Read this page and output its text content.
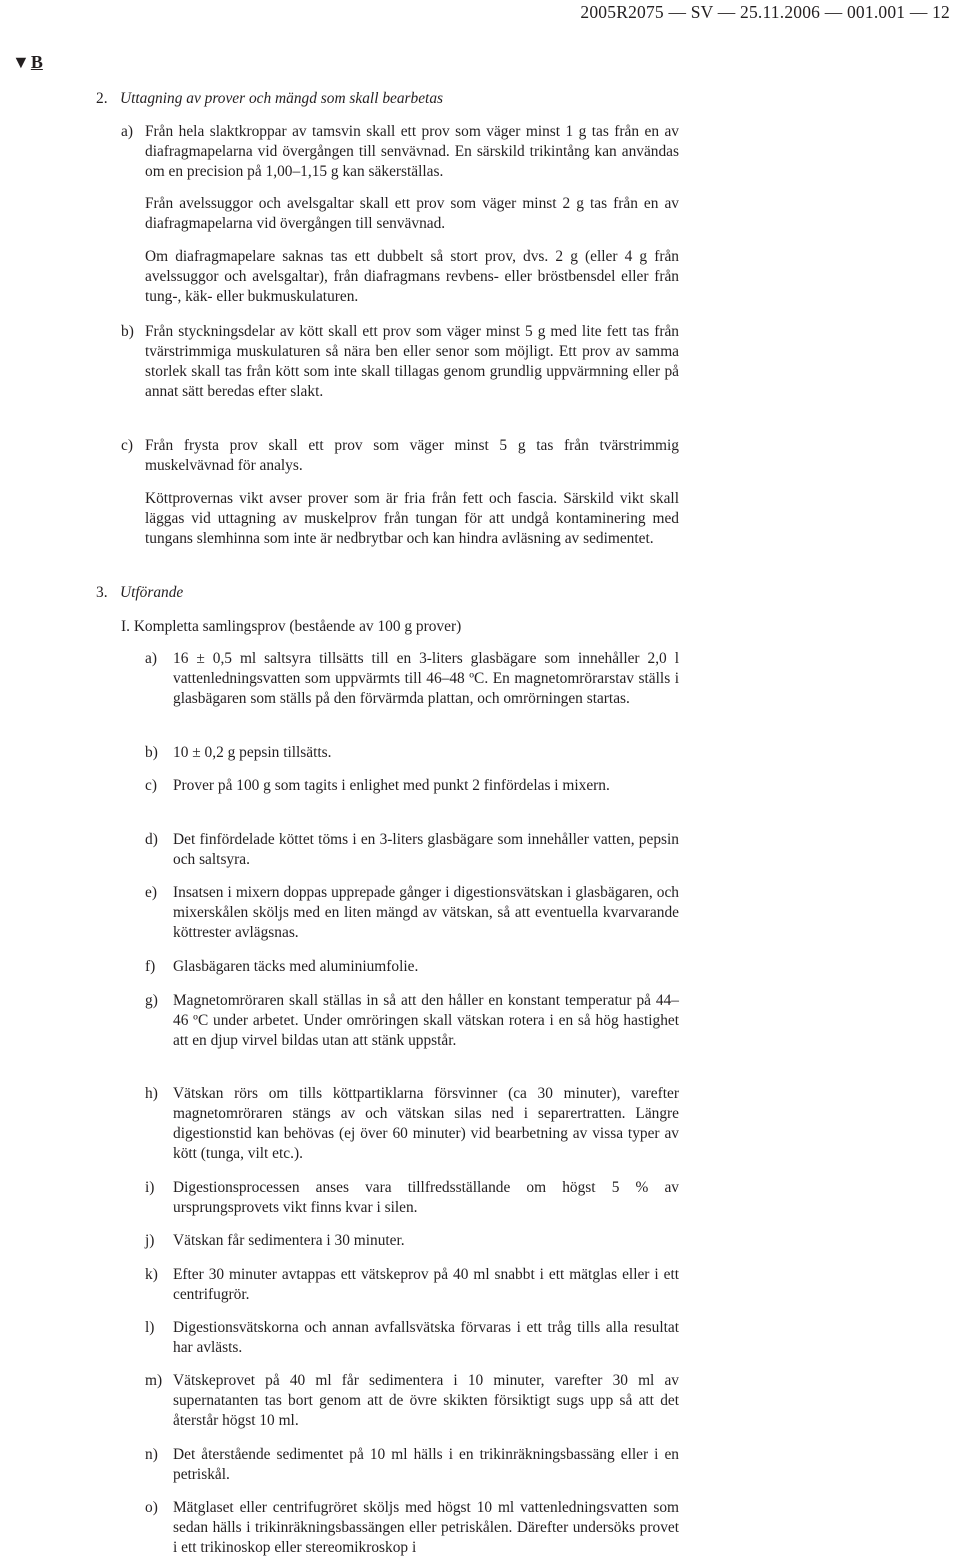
2005R2075 — SV — 25.11.2006 — 001.001 — 12
▼B
2. Uttagning av prover och mängd som skall bearbetas
a) Från hela slaktkroppar av tamsvin skall ett prov som väger minst 1 g tas från en av diafragmapelarna vid övergången till senvävnad. En särskild trikintång kan användas om en precision på 1,00–1,15 g kan säkerställas.
Från avelssuggor och avelsgaltar skall ett prov som väger minst 2 g tas från en av diafragmapelarna vid övergången till senvävnad.
Om diafragmapelare saknas tas ett dubbelt så stort prov, dvs. 2 g (eller 4 g från avelssuggor och avelsgaltar), från diafragmans revbens- eller bröstbensdel eller från tung-, käk- eller bukmuskulaturen.
b) Från styckningsdelar av kött skall ett prov som väger minst 5 g med lite fett tas från tvärstrimmiga muskulaturen så nära ben eller senor som möjligt. Ett prov av samma storlek skall tas från kött som inte skall tillagas genom grundlig uppvärmning eller på annat sätt beredas efter slakt.
c) Från frysta prov skall ett prov som väger minst 5 g tas från tvärstrimmig muskelvävnad för analys.
Köttprovernas vikt avser prover som är fria från fett och fascia. Särskild vikt skall läggas vid uttagning av muskelprov från tungan för att undgå kontaminering med tungans slemhinna som inte är nedbrytbar och kan hindra avläsning av sedimentet.
3. Utförande
I. Kompletta samlingsprov (bestående av 100 g prover)
a) 16 ± 0,5 ml saltsyra tillsätts till en 3-liters glasbägare som innehåller 2,0 l vattenledningsvatten som uppvärmts till 46–48 ºC. En magnetomrörarstav ställs i glasbägaren som ställs på den förvärmda plattan, och omrörningen startas.
b) 10 ± 0,2 g pepsin tillsätts.
c) Prover på 100 g som tagits i enlighet med punkt 2 finfördelas i mixern.
d) Det finfördelade köttet töms i en 3-liters glasbägare som innehåller vatten, pepsin och saltsyra.
e) Insatsen i mixern doppas upprepade gånger i digestionsvätskan i glasbägaren, och mixerskålen sköljs med en liten mängd av vätskan, så att eventuella kvarvarande köttrester avlägsnas.
f) Glasbägaren täcks med aluminiumfolie.
g) Magnetomröraren skall ställas in så att den håller en konstant temperatur på 44–46 ºC under arbetet. Under omröringen skall vätskan rotera i en så hög hastighet att en djup virvel bildas utan att stänk uppstår.
h) Vätskan rörs om tills köttpartiklarna försvinner (ca 30 minuter), varefter magnetomröraren stängs av och vätskan silas ned i separertratten. Längre digestionstid kan behövas (ej över 60 minuter) vid bearbetning av vissa typer av kött (tunga, vilt etc.).
i) Digestionsprocessen anses vara tillfredsställande om högst 5 % av ursprungsprovets vikt finns kvar i silen.
j) Vätskan får sedimentera i 30 minuter.
k) Efter 30 minuter avtappas ett vätskeprov på 40 ml snabbt i ett mätglas eller i ett centrifugrör.
l) Digestionsvätskorna och annan avfallsvätska förvaras i ett tråg tills alla resultat har avlästs.
m) Vätskeprovet på 40 ml får sedimentera i 10 minuter, varefter 30 ml av supernatanten tas bort genom att de övre skikten försiktigt sugs upp så att det återstår högst 10 ml.
n) Det återstående sedimentet på 10 ml hälls i en trikinräkningsbassäng eller i en petriskål.
o) Mätglaset eller centrifugröret sköljs med högst 10 ml vattenledningsvatten som sedan hälls i trikinräkningsbassängen eller petriskålen. Därefter undersöks provet i ett trikinoskop eller stereomikroskop i
